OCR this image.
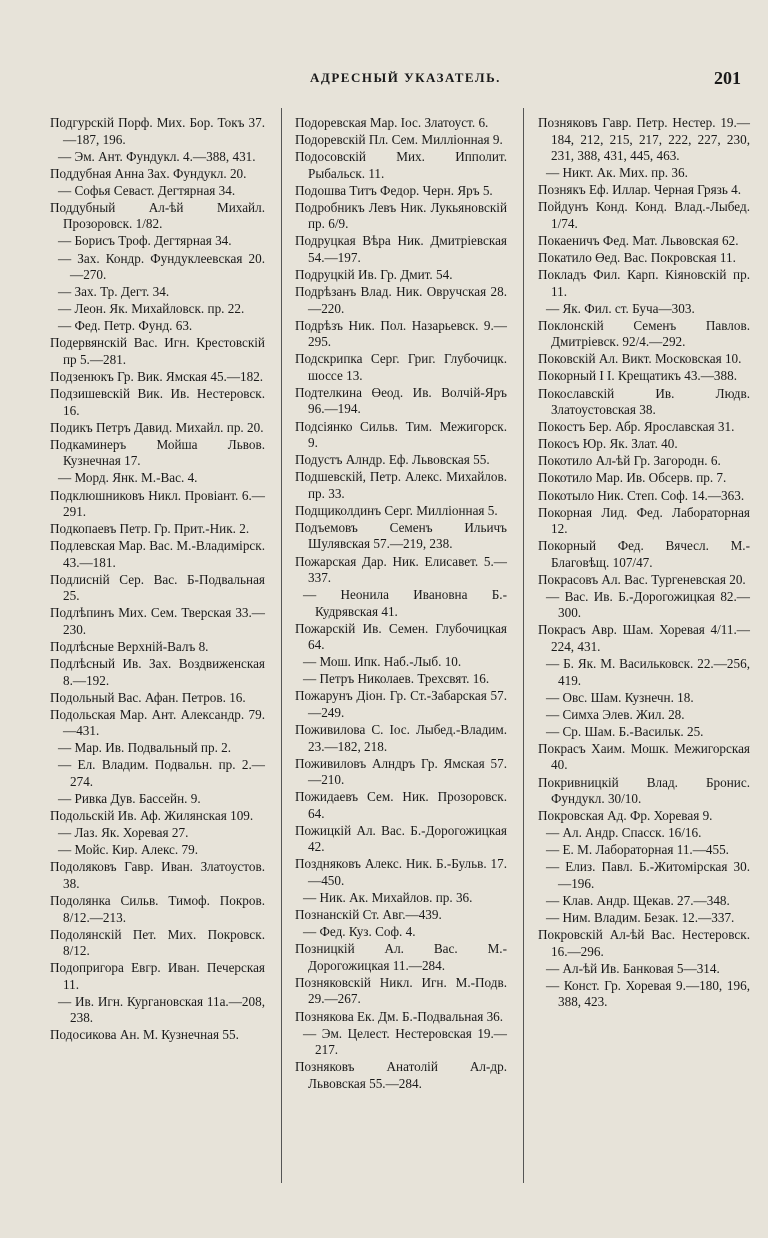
АДРЕСНЫЙ УКАЗАТЕЛЬ.	201
Подгурскій Порф. Мих. Бор. Токъ 37.—187, 196.
— Эм. Ант. Фундукл. 4.—388, 431.
Поддубная Анна Зах. Фундукл. 20.
— Софья Севаст. Дегтярная 34.
Поддубный Ал-ѣй Михайл. Прозоровск. 1/82.
— Борисъ Троф. Дегтярная 34.
— Зах. Кондр. Фундуклеевская 20.—270.
— Зах. Тр. Дегт. 34.
— Леон. Як. Михайловск. пр. 22.
— Фед. Петр. Фунд. 63.
Подервянскій Вас. Игн. Крестовскій пр 5.—281.
Подзенюкъ Гр. Вик. Ямская 45.—182.
Подзишевскій Вик. Ив. Нестеровск. 16.
Подикъ Петръ Давид. Михайл. пр. 20.
Подкаминеръ Мойша Львов. Кузнечная 17.
— Морд. Янк. М.-Вас. 4.
Подклюшниковъ Никл. Провіант. 6.—291.
Подкопаевъ Петр. Гр. Прит.-Ник. 2.
Подлевская Мар. Вас. М.-Владимірск. 43.—181.
Подлисній Сер. Вас. Б-Подвальная 25.
Подлѣпинъ Мих. Сем. Тверская 33.—230.
Подлѣсные Верхній-Валъ 8.
Подлѣсный Ив. Зах. Воздвиженская 8.—192.
Подольный Вас. Афан. Петров. 16.
Подольская Мар. Ант. Александр. 79.—431.
— Мар. Ив. Подвальный пр. 2.
— Ел. Владим. Подвальн. пр. 2.—274.
— Ривка Дув. Бассейн. 9.
Подольскій Ив. Аф. Жилянская 109.
— Лаз. Як. Хоревая 27.
— Мойс. Кир. Алекс. 79.
Подоляковъ Гавр. Иван. Златоустов. 38.
Подолянка Сильв. Тимоф. Покров. 8/12.—213.
Подолянскій Пет. Мих. Покровск. 8/12.
Подопригора Евгр. Иван. Печерская 11.
— Ив. Игн. Кургановская 11а.—208, 238.
Подосикова Ан. М. Кузнечная 55.
Подоревская Мар. Іос. Златоуст. 6.
Подоревскій Пл. Сем. Милліонная 9.
Подосовскій Мих. Ипполит. Рыбальск. 11.
Подошва Титъ Федор. Черн. Яръ 5.
Подробникъ Левъ Ник. Лукьяновскій пр. 6/9.
Подруцкая Вѣра Ник. Дмитріевская 54.—197.
Подруцкій Ив. Гр. Дмит. 54.
Подрѣзанъ Влад. Ник. Овручская 28.—220.
Подрѣзъ Ник. Пол. Назарьевск. 9.—295.
Подскрипка Серг. Григ. Глубочицк. шоссе 13.
Подтелкина Өеод. Ив. Волчій-Яръ 96.—194.
Подсіянко Сильв. Тим. Межигорск. 9.
Подустъ Алндр. Еф. Львовская 55.
Подшевскій, Петр. Алекс. Михайлов. пр. 33.
Подщиколдинъ Серг. Милліонная 5.
Подъемовъ Семенъ Ильичъ Шулявская 57.—219, 238.
Пожарская Дар. Ник. Елисавет. 5.—337.
— Неонила Ивановна Б.-Кудрявская 41.
Пожарскій Ив. Семен. Глубочицкая 64.
— Мош. Ипк. Наб.-Лыб. 10.
— Петръ Николаев. Трехсвят. 16.
Пожарунъ Діон. Гр. Ст.-Забарская 57.—249.
Поживилова С. Іос. Лыбед.-Владим. 23.—182, 218.
Поживиловъ Алндръ Гр. Ямская 57.—210.
Пожидаевъ Сем. Ник. Прозоровск. 64.
Пожицкій Ал. Вас. Б.-Дорогожицкая 42.
Поздняковъ Алекс. Ник. Б.-Бульв. 17.—450.
— Ник. Ак. Михайлов. пр. 36.
Познанскій Ст. Авг.—439.
— Фед. Куз. Соф. 4.
Позницкій Ал. Вас. М.-Дорогожицкая 11.—284.
Позняковскій Никл. Игн. М.-Подв. 29.—267.
Познякова Ек. Дм. Б.-Подвальная 36.
— Эм. Целест. Нестеровская 19.—217.
Позняковъ Анатолій Ал-др. Львовская 55.—284.
Позняковъ Гавр. Петр. Нестер. 19.—184, 212, 215, 217, 222, 227, 230, 231, 388, 431, 445, 463.
— Никт. Ак. Мих. пр. 36.
Познякъ Еф. Иллар. Черная Грязь 4.
Пойдунъ Конд. Конд. Влад.-Лыбед. 1/74.
Покаеничъ Фед. Мат. Львовская 62.
Покатило Өед. Вас. Покровская 11.
Покладъ Фил. Карп. Кіяновскій пр. 11.
— Як. Фил. ст. Буча—303.
Поклонскій Семенъ Павлов. Дмитріевск. 92/4.—292.
Поковскій Ал. Викт. Московская 10.
Покорный І І. Крещатикъ 43.—388.
Покославскій Ив. Людв. Златоустовская 38.
Покостъ Бер. Абр. Ярославская 31.
Покосъ Юр. Як. Злат. 40.
Покотило Ал-ѣй Гр. Загородн. 6.
Покотило Мар. Ив. Обсерв. пр. 7.
Покотыло Ник. Степ. Соф. 14.—363.
Покорная Лид. Фед. Лабораторная 12.
Покорный Фед. Вячесл. М.-Благовѣщ. 107/47.
Покрасовъ Ал. Вас. Тургеневская 20.
— Вас. Ив. Б.-Дорогожицкая 82.—300.
Покрасъ Авр. Шам. Хоревая 4/11.—224, 431.
— Б. Як. М. Васильковск. 22.—256, 419.
— Овс. Шам. Кузнечн. 18.
— Симха Элев. Жил. 28.
— Ср. Шам. Б.-Васильк. 25.
Покрасъ Хаим. Мошк. Межигорская 40.
Покривницкій Влад. Бронис. Фундукл. 30/10.
Покровская Ад. Фр. Хоревая 9.
— Ал. Андр. Спасск. 16/16.
— Е. М. Лабораторная 11.—455.
— Елиз. Павл. Б.-Житомірская 30.—196.
— Клав. Андр. Щекав. 27.—348.
— Ним. Владим. Безак. 12.—337.
Покровскій Ал-ѣй Вас. Нестеровск. 16.—296.
— Ал-ѣй Ив. Банковая 5—314.
— Конст. Гр. Хоревая 9.—180, 196, 388, 423.
